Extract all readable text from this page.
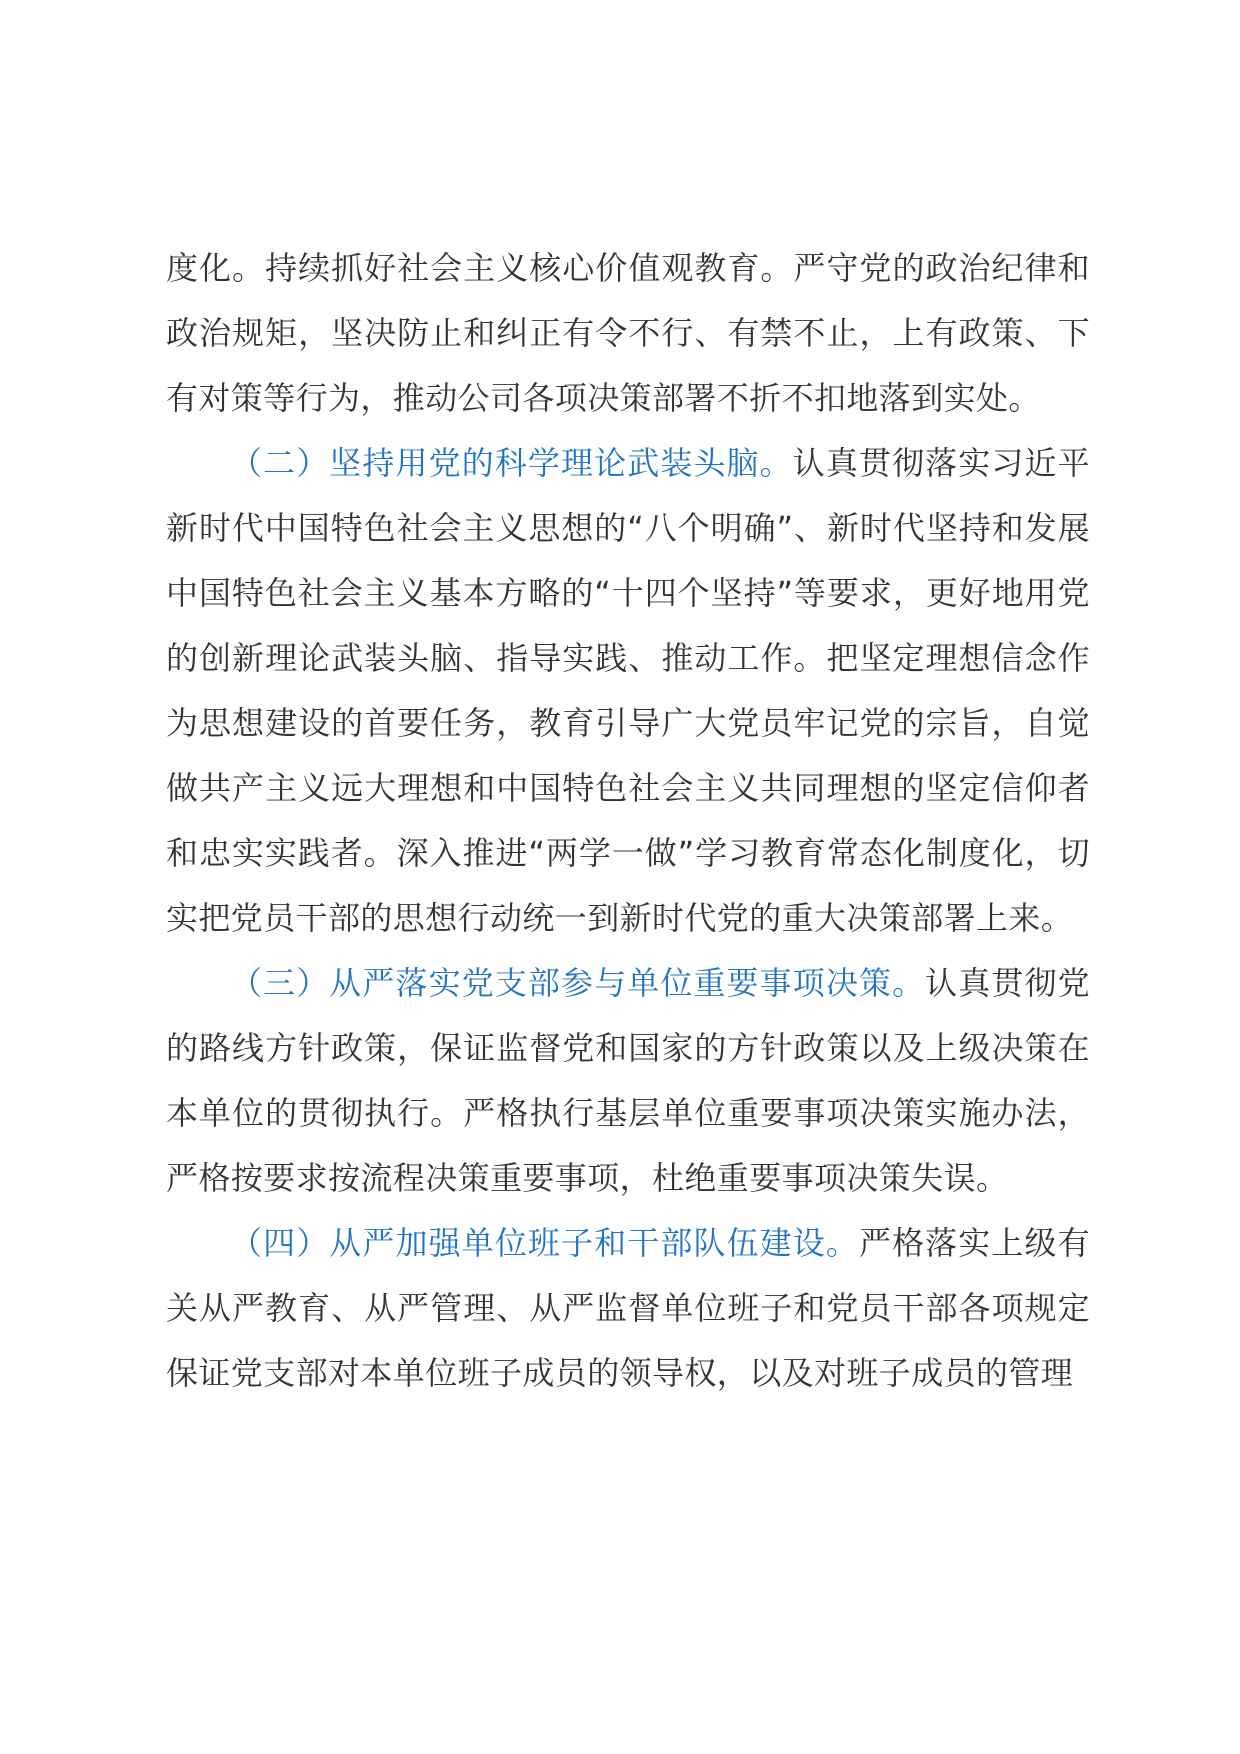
度化。持续抓好社会主义核心价值观教育。严守党的政治纪律和政治规矩，坚决防止和纠正有令不行、有禁不止，上有政策、下有对策等行为，推动公司各项决策部署不折不扣地落到实处。

（二）坚持用党的科学理论武装头脑。认真贯彻落实习近平新时代中国特色社会主义思想的“八个明确”、新时代坚持和发展中国特色社会主义基本方略的“十四个坚持”等要求，更好地用党的创新理论武装头脑、指导实践、推动工作。把坚定理想信念作为思想建设的首要任务，教育引导广大党员牢记党的宗旨，自觉做共产主义远大理想和中国特色社会主义共同理想的坚定信仰者和忠实实践者。深入推进“两学一做”学习教育常态化制度化，切实把党员干部的思想行动统一到新时代党的重大决策部署上来。

（三）从严落实党支部参与单位重要事项决策。认真贯彻党的路线方针政策，保证监督党和国家的方针政策以及上级决策在本单位的贯彻执行。严格执行基层单位重要事项决策实施办法，严格按要求按流程决策重要事项，杜绝重要事项决策失误。

（四）从严加强单位班子和干部队伍建设。严格落实上级有关从严教育、从严管理、从严监督单位班子和党员干部各项规定保证党支部对本单位班子成员的领导权，以及对班子成员的管理
